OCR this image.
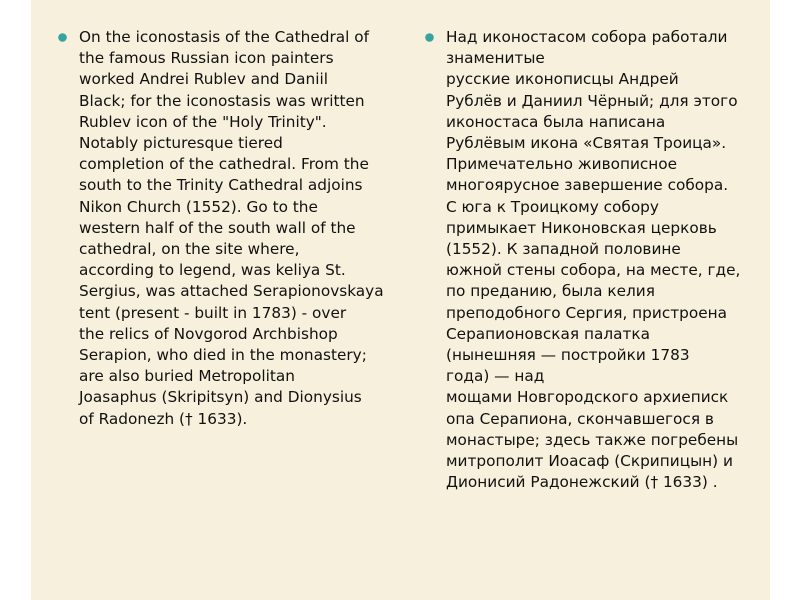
On the iconostasis of the Cathedral of
the famous Russian icon painters
worked Andrei Rublev and Daniil
Black; for the iconostasis was written
Rublev icon of the "Holy Trinity".
Notably picturesque tiered
completion of the cathedral. From the
south to the Trinity Cathedral adjoins
Nikon Church (1552). Go to the
western half of the south wall of the
cathedral, on the site where,
according to legend, was keliya St.
Sergius, was attached Serapionovskaya
tent (present - built in 1783) - over
the relics of Novgorod Archbishop
Serapion, who died in the monastery;
are also buried Metropolitan
Joasaphus (Skripitsyn) and Dionysius
of Radonezh († 1633).

Над иконостасом собора работали
знаменитые
русские иконописцы Андрей
Рублёв и Даниил Чёрный; для этого
иконостаса была написана
Рублёвым икона «Святая Троица».
Примечательно живописное
многоярусное завершение собора.
С юга к Троицкому собору
примыкает Никоновская церковь
(1552). К западной половине
южной стены собора, на месте, где,
по преданию, была келия
преподобного Сергия, пристроена
Серапионовская палатка
(нынешняя — постройки 1783
года) — над
мощами Новгородского архиеписк
опа Серапиона, скончавшегося в
монастыре; здесь также погребены
митрополит Иоасаф (Скрипицын) и
Дионисий Радонежский († 1633) .
